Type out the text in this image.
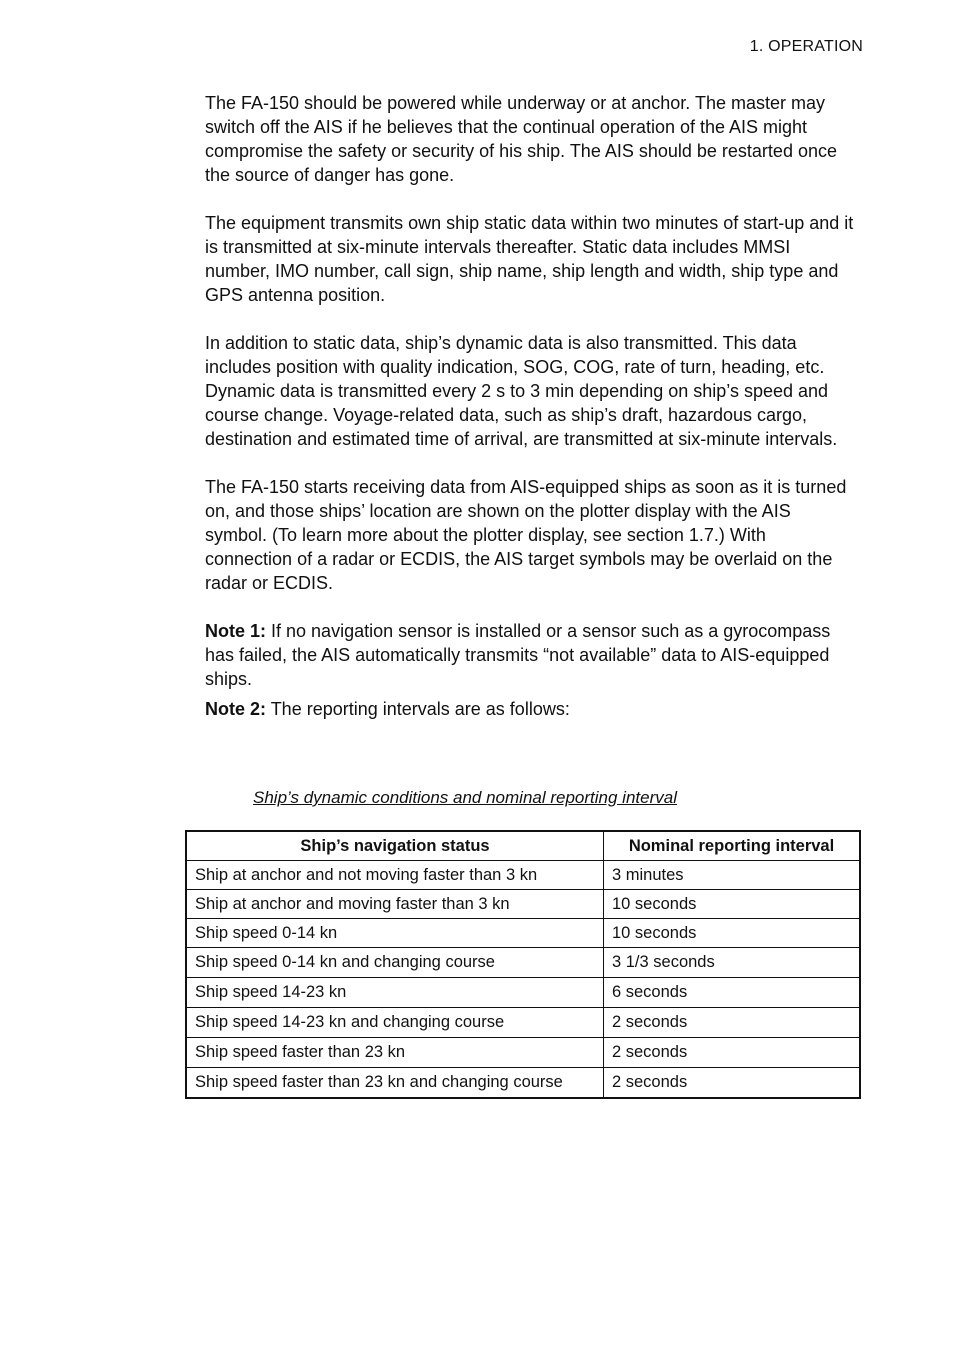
1. OPERATION

The FA-150 should be powered while underway or at anchor. The master may switch off the AIS if he believes that the continual operation of the AIS might compromise the safety or security of his ship. The AIS should be restarted once the source of danger has gone.

The equipment transmits own ship static data within two minutes of start-up and it is transmitted at six-minute intervals thereafter. Static data includes MMSI number, IMO number, call sign, ship name, ship length and width, ship type and GPS antenna position.

In addition to static data, ship’s dynamic data is also transmitted. This data includes position with quality indication, SOG, COG, rate of turn, heading, etc. Dynamic data is transmitted every 2 s to 3 min depending on ship’s speed and course change. Voyage-related data, such as ship’s draft, hazardous cargo, destination and estimated time of arrival, are transmitted at six-minute intervals.

The FA-150 starts receiving data from AIS-equipped ships as soon as it is turned on, and those ships’ location are shown on the plotter display with the AIS symbol. (To learn more about the plotter display, see section 1.7.) With connection of a radar or ECDIS, the AIS target symbols may be overlaid on the radar or ECDIS.

Note 1: If no navigation sensor is installed or a sensor such as a gyrocompass has failed, the AIS automatically transmits “not available” data to AIS-equipped ships.

Note 2: The reporting intervals are as follows:

Ship’s dynamic conditions and nominal reporting interval
Ship’s navigation status	Nominal reporting interval
Ship at anchor and not moving faster than 3 kn	3 minutes
Ship at anchor and moving faster than 3 kn	10 seconds
Ship speed 0-14 kn	10 seconds
Ship speed 0-14 kn and changing course	3 1/3 seconds
Ship speed 14-23 kn	6 seconds
Ship speed 14-23 kn and changing course	2 seconds
Ship speed faster than 23 kn	2 seconds
Ship speed faster than 23 kn and changing course	2 seconds
